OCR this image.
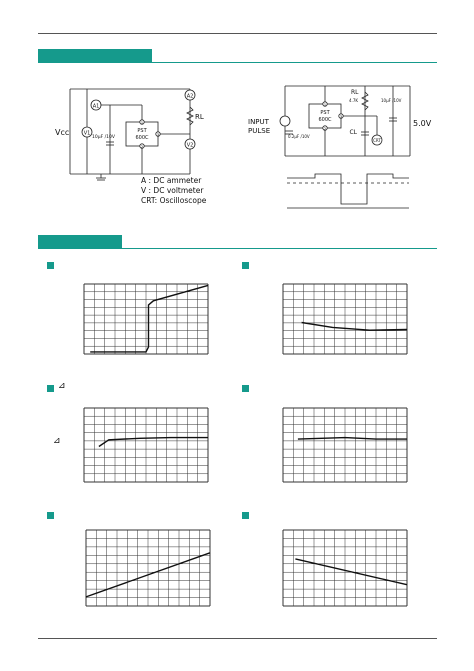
A1
A2
V1
V2
Vcc	PST
600C
1
2
3
RL
10µF /10V
A : DC ammeter
V : DC voltmeter
CRT: Oscilloscope
INPUT
PULSE
PST
600C
1
2
3
RL
4.7K
CL
CRT
5.0V
0.2µF /10V
10µF /10V
⊿
⊿
